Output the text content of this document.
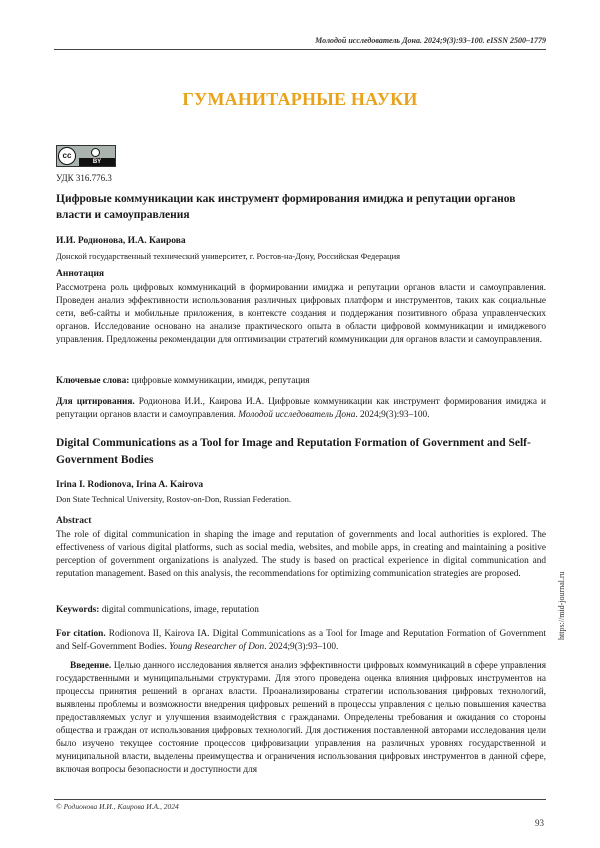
Молодой исследователь Дона. 2024;9(3):93–100. eISSN 2500–1779
ГУМАНИТАРНЫЕ НАУКИ
cc
BY
УДК 316.776.3
Цифровые коммуникации как инструмент формирования имиджа и репутации органов власти и самоуправления
И.И. Родионова, И.А. Каирова
Донской государственный технический университет, г. Ростов-на-Дону, Российская Федерация
Аннотация
Рассмотрена роль цифровых коммуникаций в формировании имиджа и репутации органов власти и самоуправления. Проведен анализ эффективности использования различных цифровых платформ и инструментов, таких как социальные сети, веб-сайты и мобильные приложения, в контексте создания и поддержания позитивного образа управленческих органов. Исследование основано на анализе практического опыта в области цифровой коммуникации и имиджевого управления. Предложены рекомендации для оптимизации стратегий коммуникации для органов власти и самоуправления.
Ключевые слова: цифровые коммуникации, имидж, репутация
Для цитирования. Родионова И.И., Каирова И.А. Цифровые коммуникации как инструмент формирования имиджа и репутации органов власти и самоуправления. Молодой исследователь Дона. 2024;9(3):93–100.
Digital Communications as a Tool for Image and Reputation Formation of Government and Self-Government Bodies
Irina I. Rodionova, Irina A. Kairova
Don State Technical University, Rostov-on-Don, Russian Federation.
Abstract
The role of digital communication in shaping the image and reputation of governments and local authorities is explored. The effectiveness of various digital platforms, such as social media, websites, and mobile apps, in creating and maintaining a positive perception of government organizations is analyzed. The study is based on practical experience in digital communication and reputation management. Based on this analysis, the recommendations for optimizing communication strategies are proposed.
Keywords: digital communications, image, reputation
For citation. Rodionova II, Kairova IA. Digital Communications as a Tool for Image and Reputation Formation of Government and Self-Government Bodies. Young Researcher of Don. 2024;9(3):93–100.
Введение. Целью данного исследования является анализ эффективности цифровых коммуникаций в сфере управления государственными и муниципальными структурами. Для этого проведена оценка влияния цифровых инструментов на процессы принятия решений в органах власти. Проанализированы стратегии использования цифровых технологий, выявлены проблемы и возможности внедрения цифровых решений в процессы управления с целью повышения качества предоставляемых услуг и улучшения взаимодействия с гражданами. Определены требования и ожидания со стороны общества и граждан от использования цифровых технологий. Для достижения поставленной авторами исследования цели было изучено текущее состояние процессов цифровизации управления на различных уровнях государственной и муниципальной власти, выделены преимущества и ограничения использования цифровых инструментов в данной сфере, включая вопросы безопасности и доступности для
© Родионова И.И., Каирова И.А., 2024
93
https://mid-journal.ru
